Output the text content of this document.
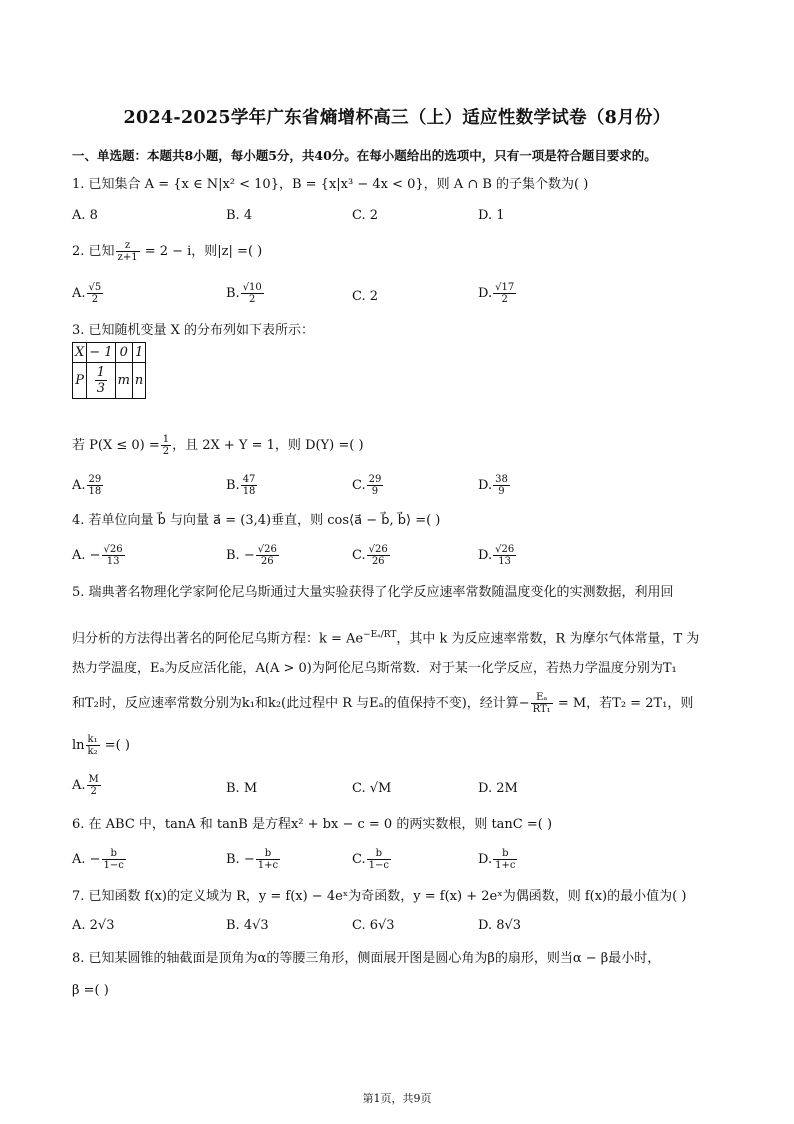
2024-2025学年广东省熵增杯高三（上）适应性数学试卷（8月份）
一、单选题：本题共8小题，每小题5分，共40分。在每小题给出的选项中，只有一项是符合题目要求的。
1. 已知集合 A = {x ∈ N|x² < 10}，B = {x|x³ − 4x < 0}，则 A ∩ B 的子集个数为( )
A. 8	B. 4	C. 2	D. 1
2. 已知 $\frac{z}{z+1} = 2 - i$，则|z| =( )
A. $\frac{√5}{2}$	B. $\frac{√10}{2}$	C. 2	D. $\frac{√17}{2}$
3. 已知随机变量 X 的分布列如下表所示：
X	− 1	0	1
P	$\frac{1}{3}$	m	n
若 $P(X \le 0) = \frac{1}{2}$ ，且 2X + Y = 1，则 D(Y) =( )
A. $\frac{29}{18}$	B. $\frac{47}{18}$	C. $\frac{29}{9}$	D. $\frac{38}{9}$
4. 若单位向量 b⃗ 与向量 a⃗ = (3,4)垂直，则 cos⟨a⃗ − b⃗, b⃗⟩ =( )
A. − $\frac{√26}{13}$	B. − $\frac{√26}{26}$	C. $\frac{√26}{26}$	D. $\frac{√26}{13}$
5. 瑞典著名物理化学家阿伦尼乌斯通过大量实验获得了化学反应速率常数随温度变化的实测数据，利用回
归分析的方法得出著名的阿伦尼乌斯方程：$k = Ae^{-E_a/RT}$，其中 k 为反应速率常数，R 为摩尔气体常量，T 为
热力学温度，Eₐ为反应活化能，A(A > 0)为阿伦尼乌斯常数．对于某一化学反应，若热力学温度分别为T₁
和T₂时，反应速率常数分别为k₁和k₂(此过程中 R 与Eₐ的值保持不变)，经计算− $\frac{\text{Eₐ}}{\text{RT₁}} = M$，若T₂ = 2T₁，则
$\ln \frac{\text{k₁}}{\text{k₂}}$ =( )
A. $\frac{M}{2}$	B. M	C. √M	D. 2M
6. 在 ABC 中，tanA 和 tanB 是方程x² + bx − c = 0 的两实数根，则 tanC =( )
A. − $\frac{b}{1-c}$	B. − $\frac{b}{1+c}$	C. $\frac{b}{1-c}$	D. $\frac{b}{1+c}$
7. 已知函数 f(x)的定义域为 R，y = f(x) − 4eˣ为奇函数，y = f(x) + 2eˣ为偶函数，则 f(x)的最小值为( )
A. 2√3	B. 4√3	C. 6√3	D. 8√3
8. 已知某圆锥的轴截面是顶角为α的等腰三角形，侧面展开图是圆心角为β的扇形，则当α − β最小时，
β =( )
第1页，共9页
